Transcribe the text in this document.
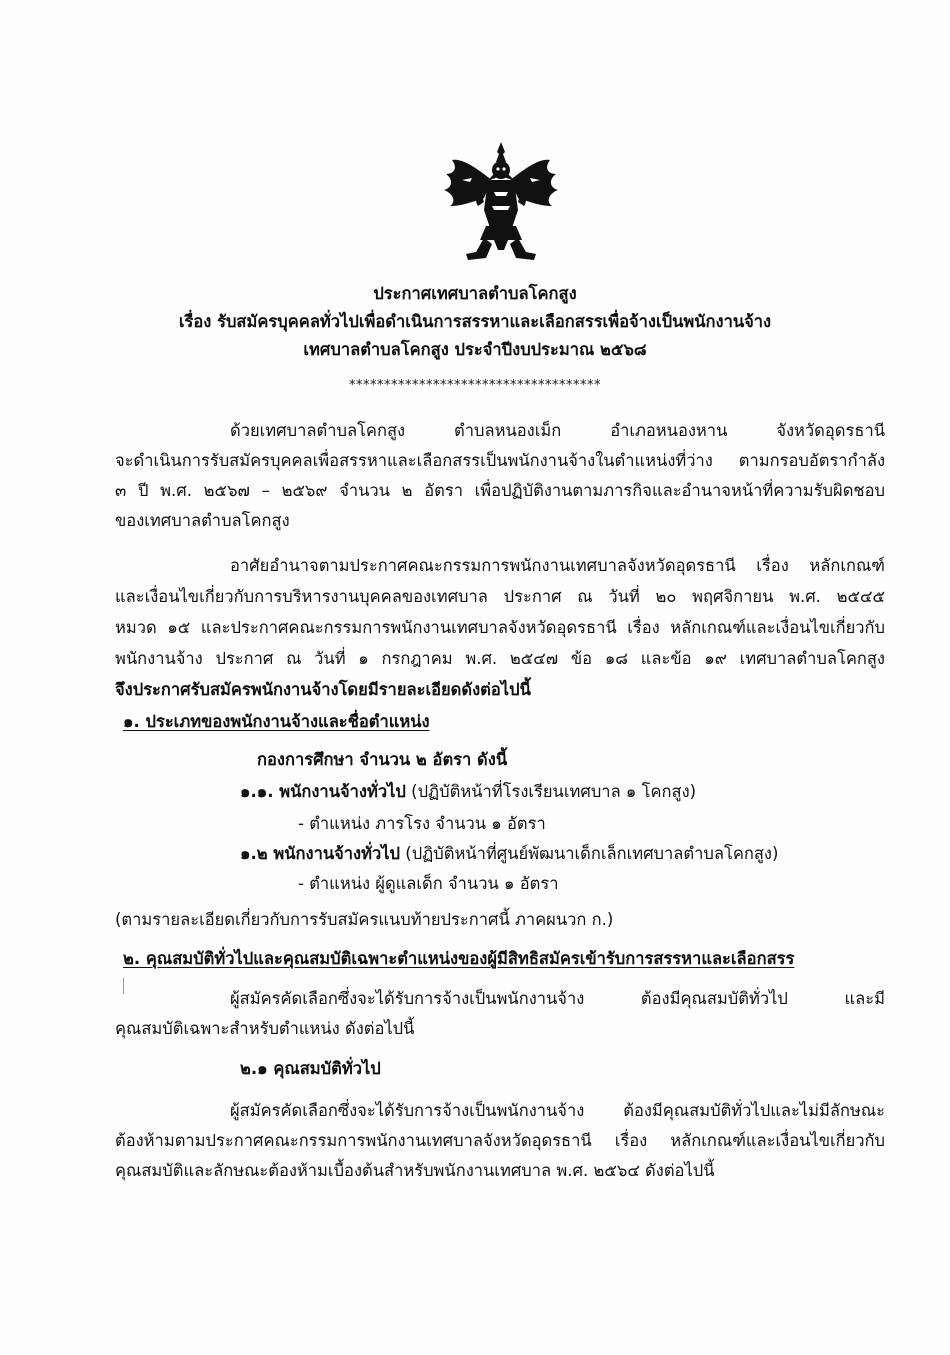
ประกาศเทศบาลตำบลโคกสูง
เรื่อง รับสมัครบุคคลทั่วไปเพื่อดำเนินการสรรหาและเลือกสรรเพื่อจ้างเป็นพนักงานจ้าง
เทศบาลตำบลโคกสูง ประจำปีงบประมาณ ๒๕๖๘
************************************
ด้วยเทศบาลตำบลโคกสูง ตำบลหนองเม็ก อำเภอหนองหาน จังหวัดอุดรธานี
จะดำเนินการรับสมัครบุคคลเพื่อสรรหาและเลือกสรรเป็นพนักงานจ้างในตำแหน่งที่ว่าง ตามกรอบอัตรากำลัง
๓ ปี พ.ศ. ๒๕๖๗ – ๒๕๖๙ จำนวน ๒ อัตรา เพื่อปฏิบัติงานตามภารกิจและอำนาจหน้าที่ความรับผิดชอบ
ของเทศบาลตำบลโคกสูง
อาศัยอำนาจตามประกาศคณะกรรมการพนักงานเทศบาลจังหวัดอุดรธานี เรื่อง หลักเกณฑ์
และเงื่อนไขเกี่ยวกับการบริหารงานบุคคลของเทศบาล ประกาศ ณ วันที่ ๒๐ พฤศจิกายน พ.ศ. ๒๕๔๕
หมวด ๑๕ และประกาศคณะกรรมการพนักงานเทศบาลจังหวัดอุดรธานี เรื่อง หลักเกณฑ์และเงื่อนไขเกี่ยวกับ
พนักงานจ้าง ประกาศ ณ วันที่ ๑ กรกฎาคม พ.ศ. ๒๕๔๗ ข้อ ๑๘ และข้อ ๑๙ เทศบาลตำบลโคกสูง
จึงประกาศรับสมัครพนักงานจ้างโดยมีรายละเอียดดังต่อไปนี้
๑. ประเภทของพนักงานจ้างและชื่อตำแหน่ง
กองการศึกษา จำนวน ๒ อัตรา ดังนี้
๑.๑. พนักงานจ้างทั่วไป (ปฏิบัติหน้าที่โรงเรียนเทศบาล ๑ โคกสูง)
- ตำแหน่ง ภารโรง จำนวน ๑ อัตรา
๑.๒ พนักงานจ้างทั่วไป (ปฏิบัติหน้าที่ศูนย์พัฒนาเด็กเล็กเทศบาลตำบลโคกสูง)
- ตำแหน่ง ผู้ดูแลเด็ก จำนวน ๑ อัตรา
(ตามรายละเอียดเกี่ยวกับการรับสมัครแนบท้ายประกาศนี้ ภาคผนวก ก.)
๒. คุณสมบัติทั่วไปและคุณสมบัติเฉพาะตำแหน่งของผู้มีสิทธิสมัครเข้ารับการสรรหาและเลือกสรร
ผู้สมัครคัดเลือกซึ่งจะได้รับการจ้างเป็นพนักงานจ้าง ต้องมีคุณสมบัติทั่วไป และมี
คุณสมบัติเฉพาะสำหรับตำแหน่ง ดังต่อไปนี้
๒.๑ คุณสมบัติทั่วไป
ผู้สมัครคัดเลือกซึ่งจะได้รับการจ้างเป็นพนักงานจ้าง ต้องมีคุณสมบัติทั่วไปและไม่มีลักษณะ
ต้องห้ามตามประกาศคณะกรรมการพนักงานเทศบาลจังหวัดอุดรธานี เรื่อง หลักเกณฑ์และเงื่อนไขเกี่ยวกับ
คุณสมบัติและลักษณะต้องห้ามเบื้องต้นสำหรับพนักงานเทศบาล พ.ศ. ๒๕๖๔ ดังต่อไปนี้
